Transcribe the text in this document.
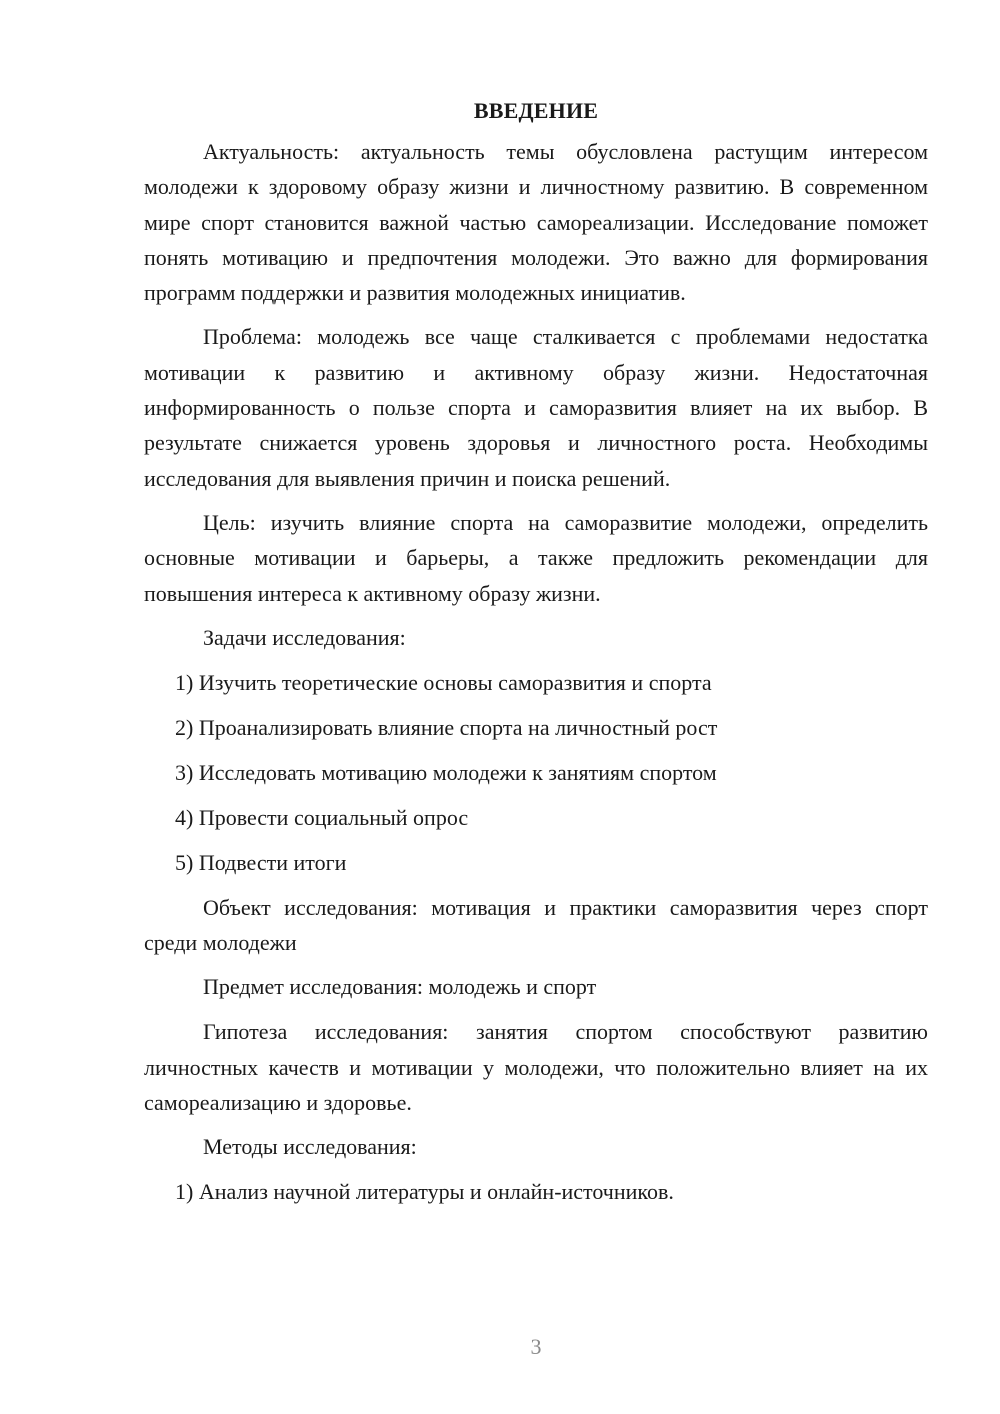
ВВЕДЕНИЕ

Актуальность: актуальность темы обусловлена растущим интересом молодежи к здоровому образу жизни и личностному развитию. В современном мире спорт становится важной частью самореализации. Исследование поможет понять мотивацию и предпочтения молодежи. Это важно для формирования программ поддержки и развития молодежных инициатив.

Проблема: молодежь все чаще сталкивается с проблемами недостатка мотивации к развитию и активному образу жизни. Недостаточная информированность о пользе спорта и саморазвития влияет на их выбор. В результате снижается уровень здоровья и личностного роста. Необходимы исследования для выявления причин и поиска решений.

Цель: изучить влияние спорта на саморазвитие молодежи, определить основные мотивации и барьеры, а также предложить рекомендации для повышения интереса к активному образу жизни.

Задачи исследования:
1) Изучить теоретические основы саморазвития и спорта
2) Проанализировать влияние спорта на личностный рост
3) Исследовать мотивацию молодежи к занятиям спортом
4) Провести социальный опрос
5) Подвести итоги

Объект исследования: мотивация и практики саморазвития через спорт среди молодежи

Предмет исследования: молодежь и спорт

Гипотеза исследования: занятия спортом способствуют развитию личностных качеств и мотивации у молодежи, что положительно влияет на их самореализацию и здоровье.

Методы исследования:
1) Анализ научной литературы и онлайн-источников.
3
